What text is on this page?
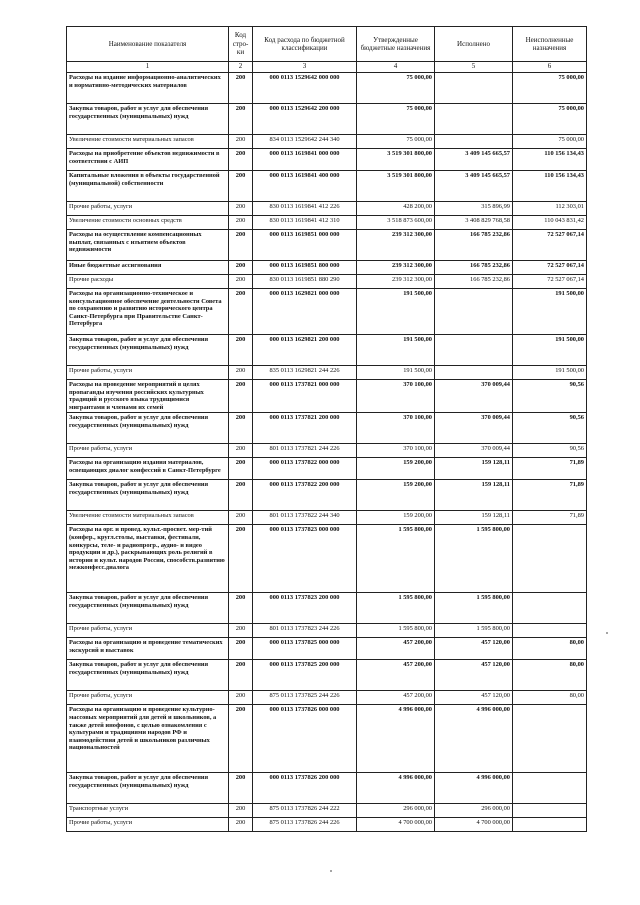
Наименование показателя	Код стро-ки	Код расхода по бюджетной классификации	Утвержденные бюджетные назначения	Исполнено	Неисполненные назначения
1	2	3	4	5	6
Расходы на издание информационно-аналитических и нормативно-методических материалов	200	000 0113 1529642 000 000	75 000,00		75 000,00
Закупка товаров, работ и услуг для обеспечения государственных (муниципальных) нужд	200	000 0113 1529642 200 000	75 000,00		75 000,00
Увеличение стоимости материальных запасов	200	834 0113 1529642 244 340	75 000,00		75 000,00
Расходы на приобретение объектов недвижимости в соответствии с АИП	200	000 0113 1619841 000 000	3 519 301 800,00	3 409 145 665,57	110 156 134,43
Капитальные вложения в объекты государственной (муниципальной) собственности	200	000 0113 1619841 400 000	3 519 301 800,00	3 409 145 665,57	110 156 134,43
Прочие работы, услуги	200	830 0113 1619841 412 226	428 200,00	315 896,99	112 303,01
Увеличение стоимости основных средств	200	830 0113 1619841 412 310	3 518 873 600,00	3 408 829 768,58	110 043 831,42
Расходы на осуществление компенсационных выплат, связанных с изъятием объектов недвижимости	200	000 0113 1619851 000 000	239 312 300,00	166 785 232,86	72 527 067,14
Иные бюджетные ассигнования	200	000 0113 1619851 800 000	239 312 300,00	166 785 232,86	72 527 067,14
Прочие расходы	200	830 0113 1619851 880 290	239 312 300,00	166 785 232,86	72 527 067,14
Расходы на организационно-техническое и консультационное обеспечение деятельности Совета по сохранению и развитию исторического центра Санкт-Петербурга при Правительстве Санкт-Петербурга	200	000 0113 1629821 000 000	191 500,00		191 500,00
Закупка товаров, работ и услуг для обеспечения государственных (муниципальных) нужд	200	000 0113 1629821 200 000	191 500,00		191 500,00
Прочие работы, услуги	200	835 0113 1629821 244 226	191 500,00		191 500,00
Расходы на проведение мероприятий в целях пропаганды изучения российских культурных традиций и русского языка трудящимися мигрантами и членами их семей	200	000 0113 1737821 000 000	370 100,00	370 009,44	90,56
Закупка товаров, работ и услуг для обеспечения государственных (муниципальных) нужд	200	000 0113 1737821 200 000	370 100,00	370 009,44	90,56
Прочие работы, услуги	200	801 0113 1737821 244 226	370 100,00	370 009,44	90,56
Расходы на организацию издания материалов, освещающих диалог конфессий в Санкт-Петербурге	200	000 0113 1737822 000 000	159 200,00	159 128,11	71,89
Закупка товаров, работ и услуг для обеспечения государственных (муниципальных) нужд	200	000 0113 1737822 200 000	159 200,00	159 128,11	71,89
Увеличение стоимости материальных запасов	200	801 0113 1737822 244 340	159 200,00	159 128,11	71,89
Расходы на орг. и провед. культ.-просвет. мер-тий (конфер., кругл.столы, выставки, фестивали, конкурсы, теле- и радиопрогр., аудио- и видео продукции и др.), раскрывающих роль религий в истории и культ. народов России, способств.развитию межконфесс.диалога	200	000 0113 1737823 000 000	1 595 800,00	1 595 800,00	
Закупка товаров, работ и услуг для обеспечения государственных (муниципальных) нужд	200	000 0113 1737823 200 000	1 595 800,00	1 595 800,00	
Прочие работы, услуги	200	801 0113 1737823 244 226	1 595 800,00	1 595 800,00	
Расходы на организацию и проведение тематических экскурсий и выставок	200	000 0113 1737825 000 000	457 200,00	457 120,00	80,00
Закупка товаров, работ и услуг для обеспечения государственных (муниципальных) нужд	200	000 0113 1737825 200 000	457 200,00	457 120,00	80,00
Прочие работы, услуги	200	875 0113 1737825 244 226	457 200,00	457 120,00	80,00
Расходы на организацию и проведение культурно-массовых мероприятий для детей и школьников, а также детей инофонов, с целью ознакомления с культурами и традициями народов РФ и взаимодействия детей и школьников различных национальностей	200	000 0113 1737826 000 000	4 996 000,00	4 996 000,00	
Закупка товаров, работ и услуг для обеспечения государственных (муниципальных) нужд	200	000 0113 1737826 200 000	4 996 000,00	4 996 000,00	
Транспортные услуги	200	875 0113 1737826 244 222	296 000,00	296 000,00	
Прочие работы, услуги	200	875 0113 1737826 244 226	4 700 000,00	4 700 000,00	
